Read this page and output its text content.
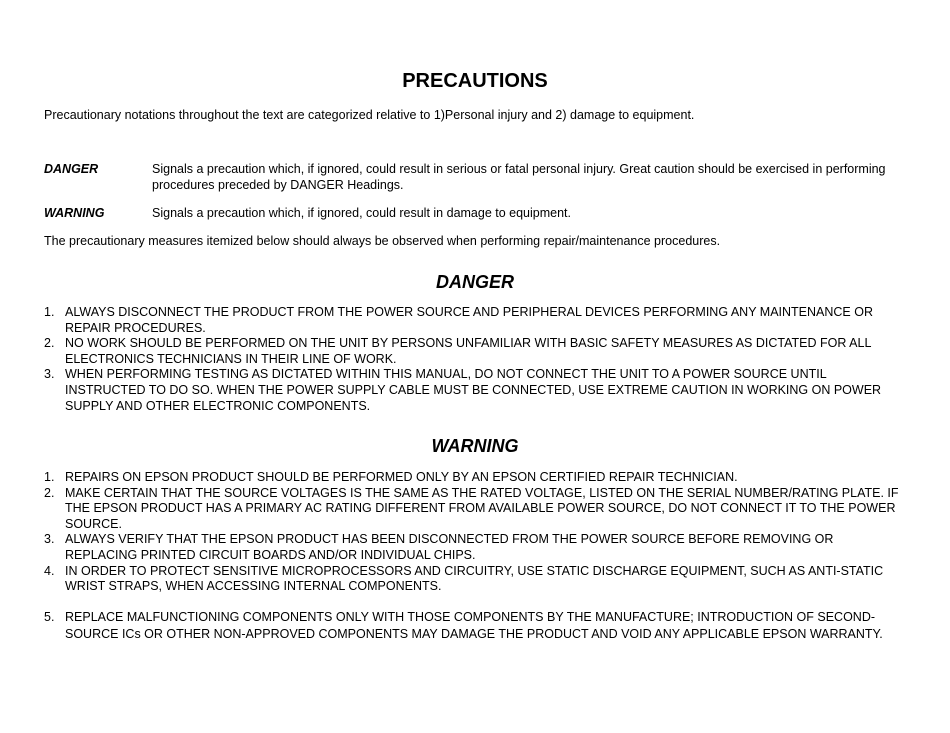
PRECAUTIONS

Precautionary notations throughout the text are categorized relative to 1)Personal injury and 2) damage to equipment.

DANGER	Signals a precaution which, if ignored, could result in serious or fatal personal injury. Great caution should be exercised in performing procedures preceded by DANGER Headings.
WARNING	Signals a precaution which, if ignored, could result in damage to equipment.

The precautionary measures itemized below should always be observed when performing repair/maintenance procedures.

DANGER
1. ALWAYS DISCONNECT THE PRODUCT FROM THE POWER SOURCE AND PERIPHERAL DEVICES PERFORMING ANY MAINTENANCE OR REPAIR PROCEDURES.
2. NO WORK SHOULD BE PERFORMED ON THE UNIT BY PERSONS UNFAMILIAR WITH BASIC SAFETY MEASURES AS DICTATED FOR ALL ELECTRONICS TECHNICIANS IN THEIR LINE OF WORK.
3. WHEN PERFORMING TESTING AS DICTATED WITHIN THIS MANUAL, DO NOT CONNECT THE UNIT TO A POWER SOURCE UNTIL INSTRUCTED TO DO SO. WHEN THE POWER SUPPLY CABLE MUST BE CONNECTED, USE EXTREME CAUTION IN WORKING ON POWER SUPPLY AND OTHER ELECTRONIC COMPONENTS.
WARNING
1. REPAIRS ON EPSON PRODUCT SHOULD BE PERFORMED ONLY BY AN EPSON CERTIFIED REPAIR TECHNICIAN.
2. MAKE CERTAIN THAT THE SOURCE VOLTAGES IS THE SAME AS THE RATED VOLTAGE, LISTED ON THE SERIAL NUMBER/RATING PLATE. IF THE EPSON PRODUCT HAS A PRIMARY AC RATING DIFFERENT FROM AVAILABLE POWER SOURCE, DO NOT CONNECT IT TO THE POWER SOURCE.
3. ALWAYS VERIFY THAT THE EPSON PRODUCT HAS BEEN DISCONNECTED FROM THE POWER SOURCE BEFORE REMOVING OR REPLACING PRINTED CIRCUIT BOARDS AND/OR INDIVIDUAL CHIPS.
4. IN ORDER TO PROTECT SENSITIVE MICROPROCESSORS AND CIRCUITRY, USE STATIC DISCHARGE EQUIPMENT, SUCH AS ANTI-STATIC WRIST STRAPS, WHEN ACCESSING INTERNAL COMPONENTS.

5. REPLACE MALFUNCTIONING COMPONENTS ONLY WITH THOSE COMPONENTS BY THE MANUFACTURE; INTRODUCTION OF SECOND-SOURCE ICs OR OTHER NON-APPROVED COMPONENTS MAY DAMAGE THE PRODUCT AND VOID ANY APPLICABLE EPSON WARRANTY.
